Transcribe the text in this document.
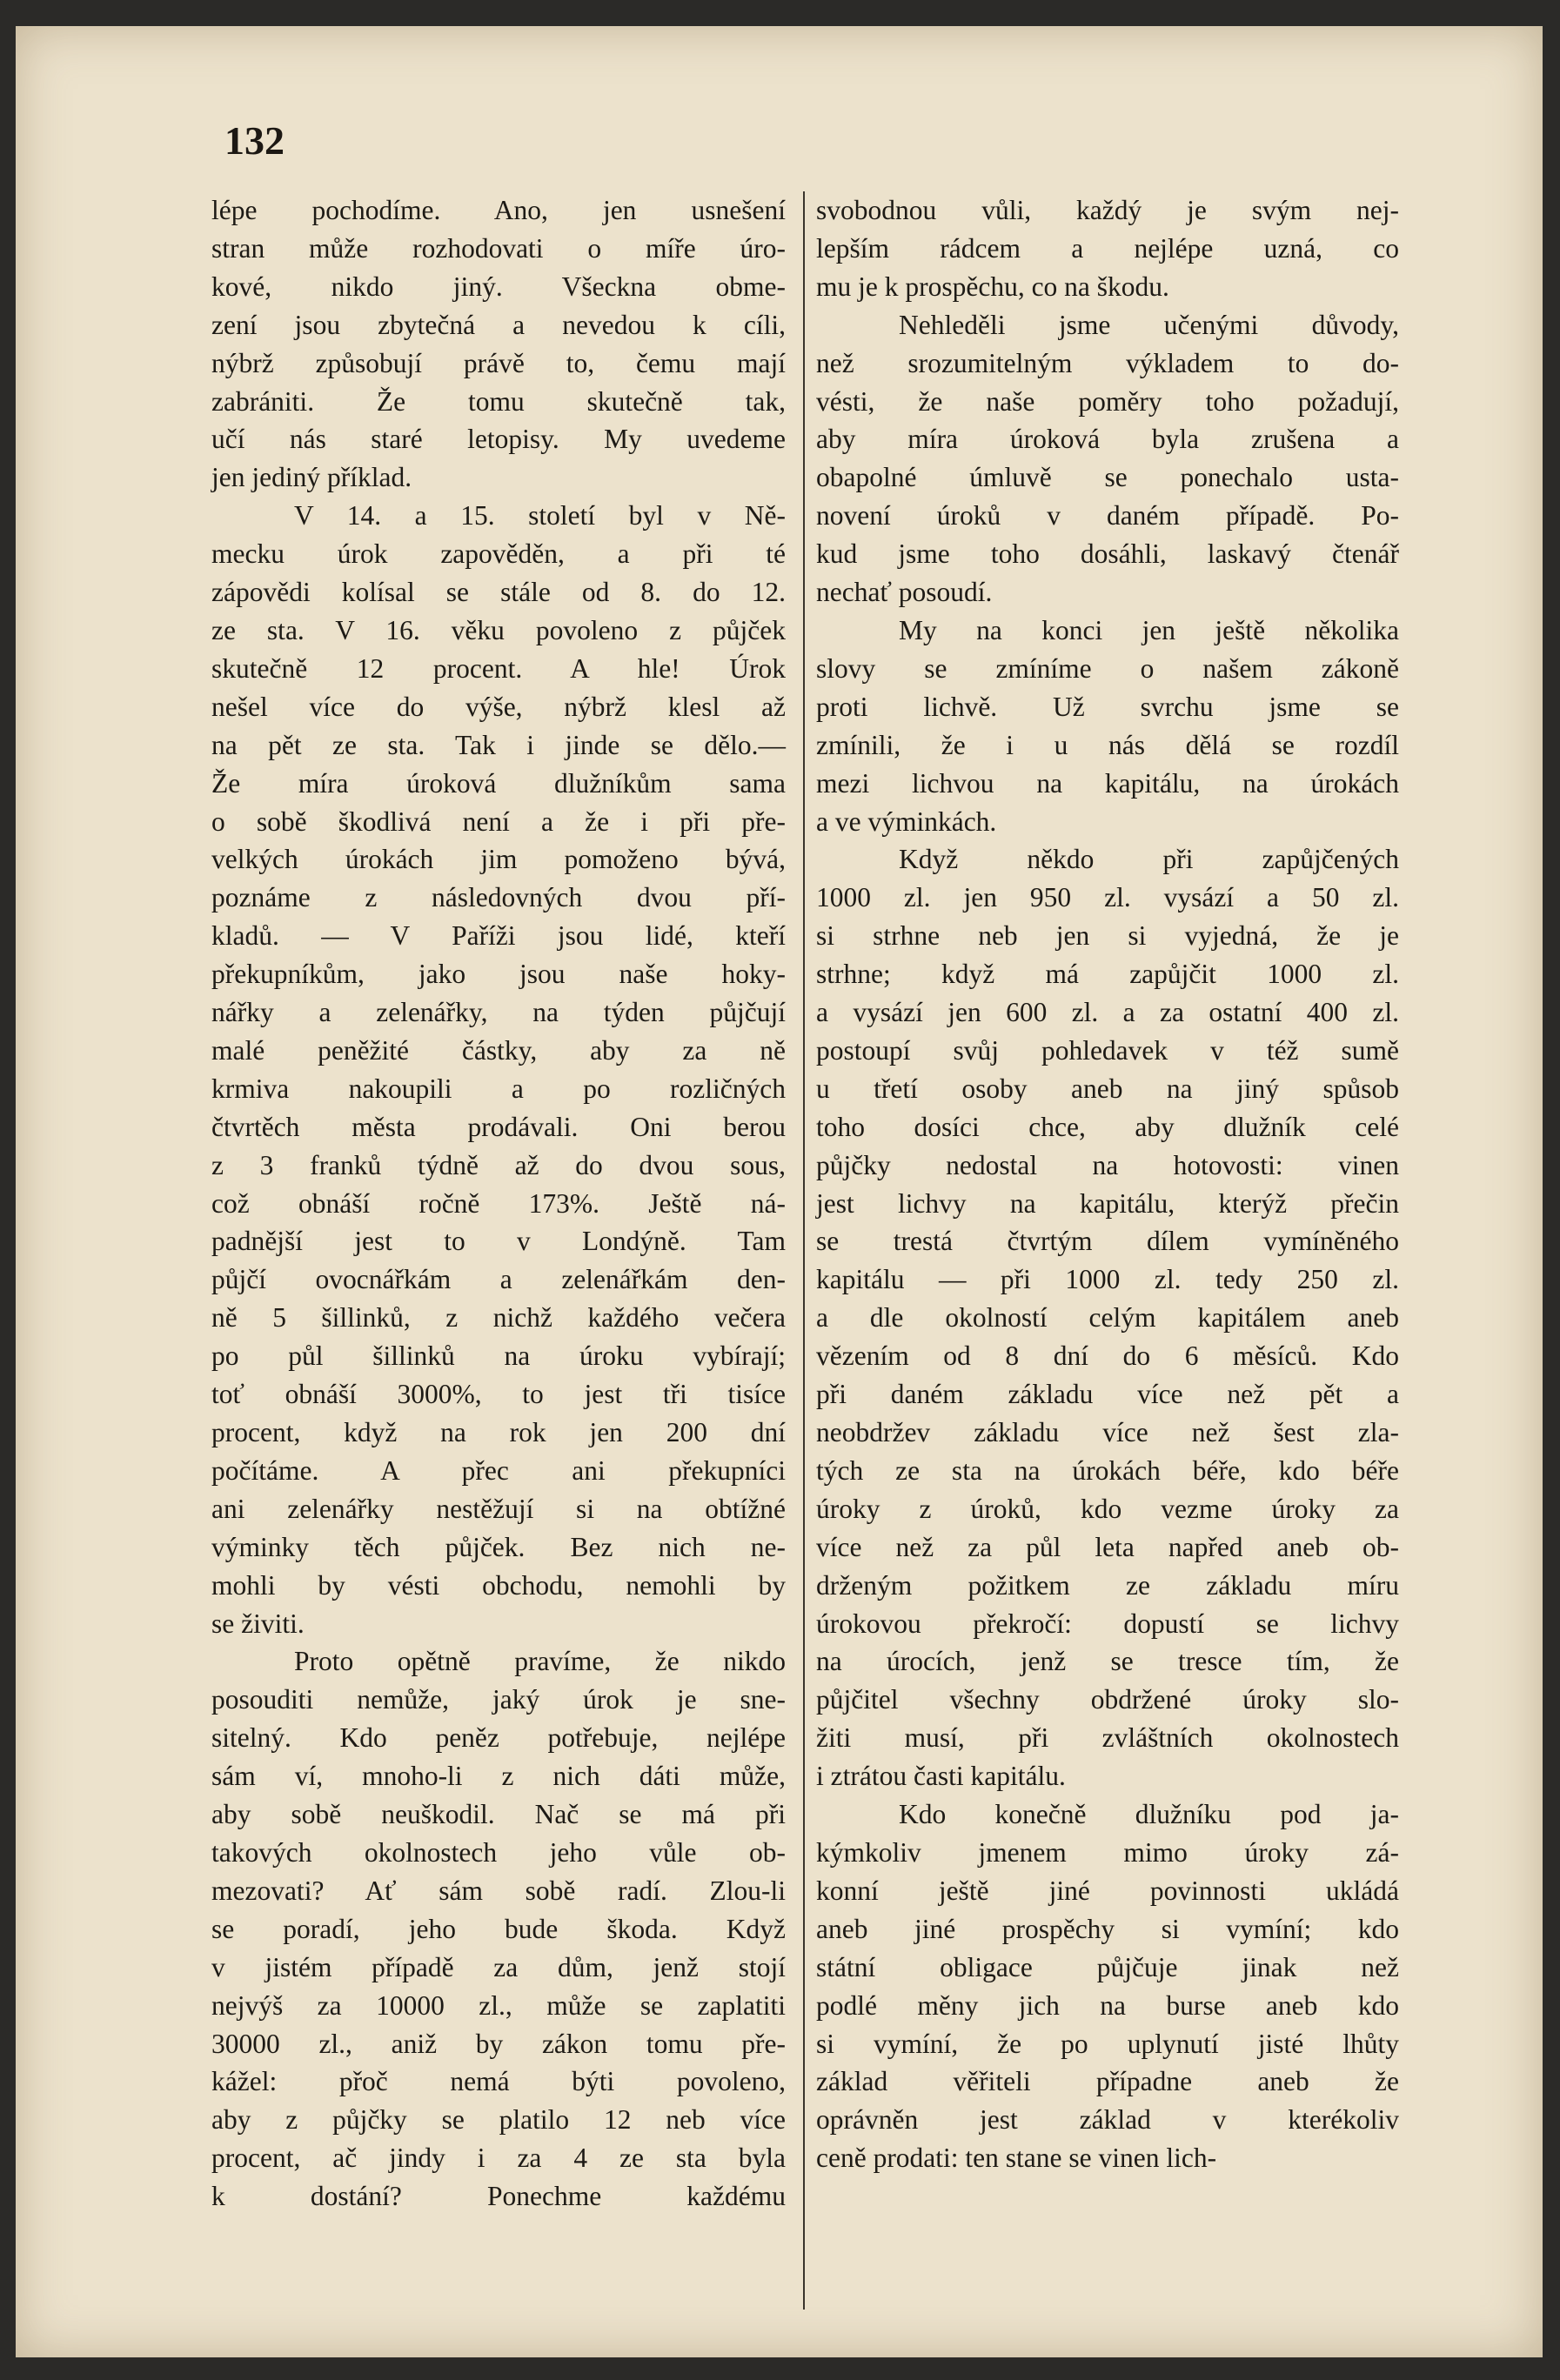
132
lépe pochodíme. Ano, jen usnešení
stran může rozhodovati o míře úro-
kové, nikdo jiný. Všeckna obme-
zení jsou zbytečná a nevedou k cíli,
nýbrž způsobují právě to, čemu mají
zabrániti. Že tomu skutečně tak,
učí nás staré letopisy. My uvedeme
jen jediný příklad.
V 14. a 15. století byl v Ně-
mecku úrok zapověděn, a při té
zápovědi kolísal se stále od 8. do 12.
ze sta. V 16. věku povoleno z půjček
skutečně 12 procent. A hle! Úrok
nešel více do výše, nýbrž klesl až
na pět ze sta. Tak i jinde se dělo.—
Že míra úroková dlužníkům sama
o sobě škodlivá není a že i při pře-
velkých úrokách jim pomoženo bývá,
poznáme z následovných dvou pří-
kladů. — V Paříži jsou lidé, kteří
překupníkům, jako jsou naše hoky-
nářky a zelenářky, na týden půjčují
malé peněžité částky, aby za ně
krmiva nakoupili a po rozličných
čtvrtěch města prodávali. Oni berou
z 3 franků týdně až do dvou sous,
což obnáší ročně 173%. Ještě ná-
padnější jest to v Londýně. Tam
půjčí ovocnářkám a zelenářkám den-
ně 5 šillinků, z nichž každého večera
po půl šillinků na úroku vybírají;
toť obnáší 3000%, to jest tři tisíce
procent, když na rok jen 200 dní
počítáme. A přec ani překupníci
ani zelenářky nestěžují si na obtížné
výminky těch půjček. Bez nich ne-
mohli by vésti obchodu, nemohli by
se živiti.
Proto opětně pravíme, že nikdo
posouditi nemůže, jaký úrok je sne-
sitelný. Kdo peněz potřebuje, nejlépe
sám ví, mnoho-li z nich dáti může,
aby sobě neuškodil. Nač se má při
takových okolnostech jeho vůle ob-
mezovati? Ať sám sobě radí. Zlou-li
se poradí, jeho bude škoda. Když
v jistém případě za dům, jenž stojí
nejvýš za 10000 zl., může se zaplatiti
30000 zl., aniž by zákon tomu pře-
kážel: přoč nemá býti povoleno,
aby z půjčky se platilo 12 neb více
procent, ač jindy i za 4 ze sta byla
k dostání? Ponechme každému
svobodnou vůli, každý je svým nej-
lepším rádcem a nejlépe uzná, co
mu je k prospěchu, co na škodu.
Nehleděli jsme učenými důvody,
než srozumitelným výkladem to do-
vésti, že naše poměry toho požadují,
aby míra úroková byla zrušena a
obapolné úmluvě se ponechalo usta-
novení úroků v daném případě. Po-
kud jsme toho dosáhli, laskavý čtenář
nechať posoudí.
My na konci jen ještě několika
slovy se zmíníme o našem zákoně
proti lichvě. Už svrchu jsme se
zmínili, že i u nás dělá se rozdíl
mezi lichvou na kapitálu, na úrokách
a ve výminkách.
Když někdo při zapůjčených
1000 zl. jen 950 zl. vysází a 50 zl.
si strhne neb jen si vyjedná, že je
strhne; když má zapůjčit 1000 zl.
a vysází jen 600 zl. a za ostatní 400 zl.
postoupí svůj pohledavek v též sumě
u třetí osoby aneb na jiný spůsob
toho dosíci chce, aby dlužník celé
půjčky nedostal na hotovosti: vinen
jest lichvy na kapitálu, kterýž přečin
se trestá čtvrtým dílem vymíněného
kapitálu — při 1000 zl. tedy 250 zl.
a dle okolností celým kapitálem aneb
vězením od 8 dní do 6 měsíců. Kdo
při daném základu více než pět a
neobdržev základu více než šest zla-
tých ze sta na úrokách béře, kdo béře
úroky z úroků, kdo vezme úroky za
více než za půl leta napřed aneb ob-
drženým požitkem ze základu míru
úrokovou překročí: dopustí se lichvy
na úrocích, jenž se tresce tím, že
půjčitel všechny obdržené úroky slo-
žiti musí, při zvláštních okolnostech
i ztrátou časti kapitálu.
Kdo konečně dlužníku pod ja-
kýmkoliv jmenem mimo úroky zá-
konní ještě jiné povinnosti ukládá
aneb jiné prospěchy si vymíní; kdo
státní obligace půjčuje jinak než
podlé měny jich na burse aneb kdo
si vymíní, že po uplynutí jisté lhůty
základ věřiteli případne aneb že
oprávněn jest základ v kterékoliv
ceně prodati: ten stane se vinen lich-
